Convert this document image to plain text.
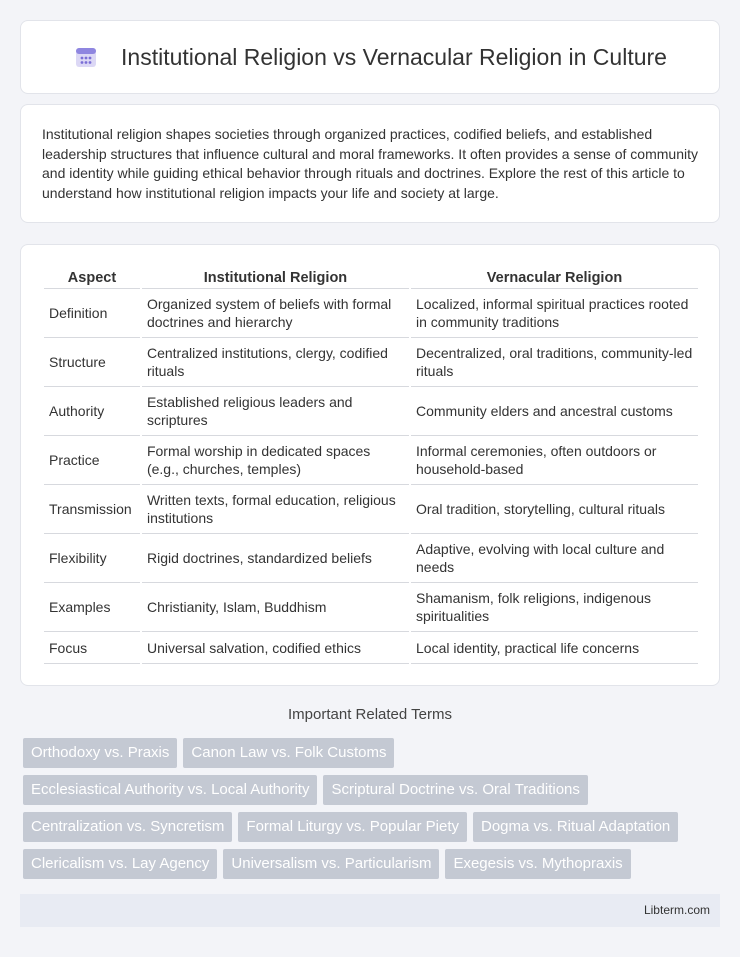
Institutional Religion vs Vernacular Religion in Culture

Institutional religion shapes societies through organized practices, codified beliefs, and established leadership structures that influence cultural and moral frameworks. It often provides a sense of community and identity while guiding ethical behavior through rituals and doctrines. Explore the rest of this article to understand how institutional religion impacts your life and society at large.

Aspect	Institutional Religion	Vernacular Religion
Definition	Organized system of beliefs with formal doctrines and hierarchy	Localized, informal spiritual practices rooted in community traditions
Structure	Centralized institutions, clergy, codified rituals	Decentralized, oral traditions, community-led rituals
Authority	Established religious leaders and scriptures	Community elders and ancestral customs
Practice	Formal worship in dedicated spaces (e.g., churches, temples)	Informal ceremonies, often outdoors or household-based
Transmission	Written texts, formal education, religious institutions	Oral tradition, storytelling, cultural rituals
Flexibility	Rigid doctrines, standardized beliefs	Adaptive, evolving with local culture and needs
Examples	Christianity, Islam, Buddhism	Shamanism, folk religions, indigenous spiritualities
Focus	Universal salvation, codified ethics	Local identity, practical life concerns
Important Related Terms
Orthodoxy vs. Praxis	Canon Law vs. Folk Customs
Ecclesiastical Authority vs. Local Authority	Scriptural Doctrine vs. Oral Traditions
Centralization vs. Syncretism	Formal Liturgy vs. Popular Piety	Dogma vs. Ritual Adaptation
Clericalism vs. Lay Agency	Universalism vs. Particularism	Exegesis vs. Mythopraxis
Libterm.com
